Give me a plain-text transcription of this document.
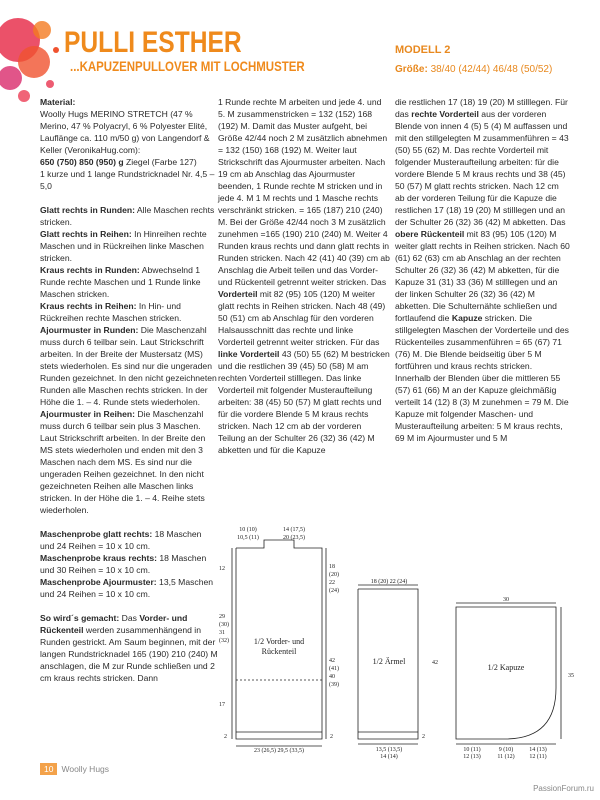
PULLI ESTHER
...KAPUZENPULLOVER MIT LOCHMUSTER
MODELL 2
Größe: 38/40 (42/44) 46/48 (50/52)

Material:

Woolly Hugs MERINO STRETCH (47 % Merino, 47 % Polyacryl, 6 % Polyester Elité, Lauflänge ca. 110 m/50 g) von Langendorf & Keller (VeronikaHug.com):

650 (750) 850 (950) g Ziegel (Farbe 127)

1 kurze und 1 lange Rundstricknadel Nr. 4,5 – 5,0

Glatt rechts in Runden: Alle Maschen rechts stricken.

Glatt rechts in Reihen: In Hinreihen rechte Maschen und in Rückreihen linke Maschen stricken.

Kraus rechts in Runden: Abwechselnd 1 Runde rechte Maschen und 1 Runde linke Maschen stricken.

Kraus rechts in Reihen: In Hin- und Rückreihen rechte Maschen stricken.

Ajourmuster in Runden: Die Maschenzahl muss durch 6 teilbar sein. Laut Strickschrift arbeiten. In der Breite der Mustersatz (MS) stets wiederholen. Es sind nur die ungeraden Runden gezeichnet. In den nicht gezeichneten Runden alle Maschen rechts stricken. In der Höhe die 1. – 4. Runde stets wiederholen.

Ajourmuster in Reihen: Die Maschenzahl muss durch 6 teilbar sein plus 3 Maschen. Laut Strickschrift arbeiten. In der Breite den MS stets wiederholen und enden mit den 3 Maschen nach dem MS. Es sind nur die ungeraden Reihen gezeichnet. In den nicht gezeichneten Reihen alle Maschen links stricken. In der Höhe die 1. – 4. Reihe stets wiederholen.

Maschenprobe glatt rechts: 18 Maschen und 24 Reihen = 10 x 10 cm.

Maschenprobe kraus rechts: 18 Maschen und 30 Reihen = 10 x 10 cm.

Maschenprobe Ajourmuster: 13,5 Maschen und 24 Reihen = 10 x 10 cm.

So wird´s gemacht: Das Vorder- und Rückenteil werden zusammenhängend in Runden gestrickt. Am Saum beginnen, mit der langen Rundstricknadel 165 (190) 210 (240) M anschlagen, die M zur Runde schließen und 2 cm kraus rechts stricken. Dann

1 Runde rechte M arbeiten und jede 4. und 5. M zusammenstricken = 132 (152) 168 (192) M. Damit das Muster aufgeht, bei Größe 42/44 noch 2 M zusätzlich abnehmen = 132 (150) 168 (192) M. Weiter laut Strickschrift das Ajourmuster arbeiten. Nach 19 cm ab Anschlag das Ajourmuster beenden, 1 Runde rechte M stricken und in jede 4. M 1 M rechts und 1 Masche rechts verschränkt stricken. = 165 (187) 210 (240) M. Bei der Größe 42/44 noch 3 M zusätzlich zunehmen =165 (190) 210 (240) M. Weiter 4 Runden kraus rechts und dann glatt rechts in Runden stricken. Nach 42 (41) 40 (39) cm ab Anschlag die Arbeit teilen und das Vorder- und Rückenteil getrennt weiter stricken. Das Vorderteil mit 82 (95) 105 (120) M weiter glatt rechts in Reihen stricken. Nach 48 (49) 50 (51) cm ab Anschlag für den vorderen Halsausschnitt das rechte und linke Vorderteil getrennt weiter stricken. Für das linke Vorderteil 43 (50) 55 (62) M bestricken und die restlichen 39 (45) 50 (58) M am rechten Vorderteil stilllegen. Das linke Vorderteil mit folgender Musteraufteilung arbeiten: 38 (45) 50 (57) M glatt rechts und für die vordere Blende 5 M kraus rechts stricken. Nach 12 cm ab der vorderen Teilung an der Schulter 26 (32) 36 (42) M abketten und für die Kapuze

die restlichen 17 (18) 19 (20) M stilllegen. Für das rechte Vorderteil aus der vorderen Blende von innen 4 (5) 5 (4) M auffassen und mit den stillgelegten M zusammenführen = 43 (50) 55 (62) M. Das rechte Vorderteil mit folgender Musteraufteilung arbeiten: für die vordere Blende 5 M kraus rechts und 38 (45) 50 (57) M glatt rechts stricken. Nach 12 cm ab der vorderen Teilung für die Kapuze die restlichen 17 (18) 19 (20) M stilllegen und an der Schulter 26 (32) 36 (42) M abketten. Das obere Rückenteil mit 83 (95) 105 (120) M weiter glatt rechts in Reihen stricken. Nach 60 (61) 62 (63) cm ab Anschlag an der rechten Schulter 26 (32) 36 (42) M abketten, für die Kapuze 31 (31) 33 (36) M stilllegen und an der linken Schulter 26 (32) 36 (42) M abketten. Die Schulternähte schließen und fortlaufend die Kapuze stricken. Die stillgelegten Maschen der Vorderteile und des Rückenteiles zusammenführen = 65 (67) 71 (76) M. Die Blende beidseitig über 5 M fortführen und kraus rechts stricken. Innerhalb der Blenden über die mittleren 55 (57) 61 (66) M an der Kapuze gleichmäßig verteilt 14 (12) 8 (3) M zunehmen = 79 M. Die Kapuze mit folgender Maschen- und Musteraufteilung arbeiten: 5 M kraus rechts, 69 M im Ajourmuster und 5 M

1/2 Vorder- und
Rückenteil
10 (10)
10,5 (11)
14 (17,5)
20 (23,5)
18
(20)
22
(24)
12
29
(30)
31
(32)
42
(41)
40
(39)
17
2	2
23 (26,5) 29,5 (33,5)
1/2 Ärmel
18 (20) 22 (24)
42
13,5 (13,5)
14 (14)
2
1/2 Kapuze
30
35
10 (11)
12 (13)
9 (10)
11 (12)
14 (13)
12 (11)
10 Woolly Hugs
PassionForum.ru
